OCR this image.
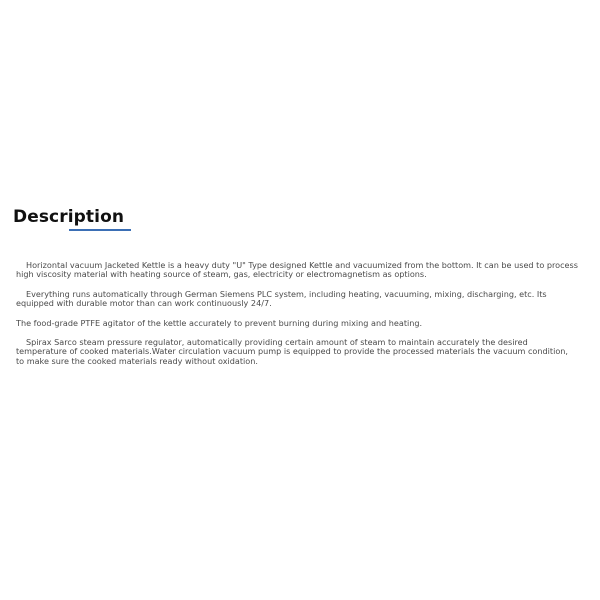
Description

Horizontal vacuum Jacketed Kettle is a heavy duty "U" Type designed Kettle and vacuumized from the bottom. It can be used to process high viscosity material with heating source of steam, gas, electricity or electromagnetism as options.

Everything runs automatically through German Siemens PLC system, including heating, vacuuming, mixing, discharging, etc. Its equipped with durable motor than can work continuously 24/7.

The food-grade PTFE agitator of the kettle accurately to prevent burning during mixing and heating.

Spirax Sarco steam pressure regulator, automatically providing certain amount of steam to maintain accurately the desired temperature of cooked materials.Water circulation vacuum pump is equipped to provide the processed materials the vacuum condition, to make sure the cooked materials ready without oxidation.
